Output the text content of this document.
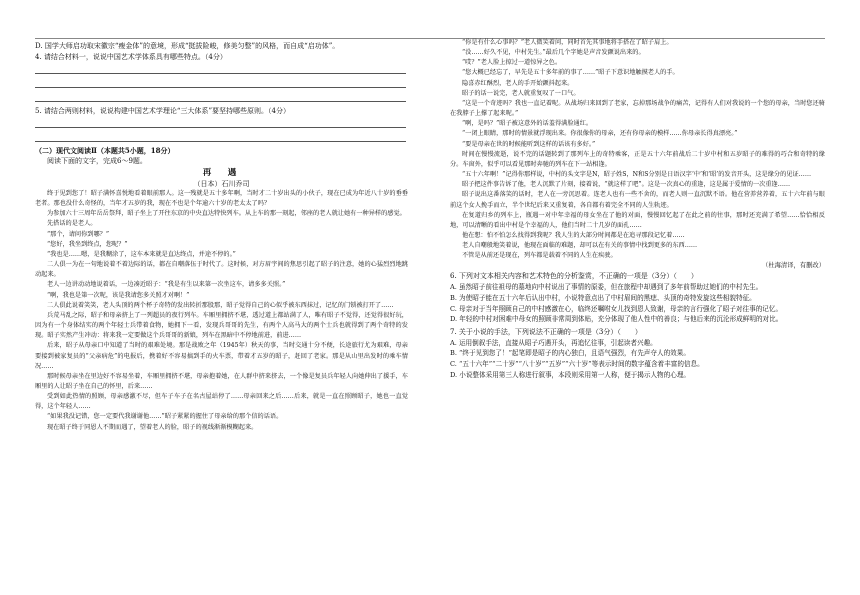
D. 国学大师启功取宋徽宗“瘦金体”的意境，形成“挺拔险峻，修美匀整”的风格，而自成“启功体”。

4. 请结合材料一，说说中国艺术学体系具有哪些特点。（4分）

5. 请结合两则材料，说说构建中国艺术学理论“三大体系”要坚持哪些原则。（4分）

（二）现代文阅读Ⅱ（本题共5小题，18分）

阅读下面的文字，完成6～9题。

再　遇

（日本）石川乔司

终于见到您了！昭子满怀喜悦地看着眼前那人。这一残就是五十多年啊，当时才二十岁出头的小伙子，现在已成为年近八十岁的垂垂老者。那也没什么奇怪的，当年才五岁的我，现在不也是个年逾六十岁的老太太了吗？

为参加六十三周年岳岳祭拜，昭子坐上了开往东京的中央直达特快列车。从上车的那一刻起，邻座的老人就让她有一种异样的感觉。

先搭话的是老人。

“那个，请问你到哪？”

“您好，我坐到终点，您呢？”

“我也是……嗯，是我糊涂了，这车本来就是直达终点，并途不停的。”

二人俱一为在一句地说着不着边际的话，都在自嘲落伍于时代了。这时候，对方眉宇间的焦思引起了昭子的注意，她的心猛烈烈地跳动起来。

老人一边讲动动地说着话，一边凑近昭子：“我是有生以来第一次坐这车，请多多关照。”

“啊，我也是第一次呢，该是我请您多关照才对啊！”

二人俱此说着笑笑，老人头顶的两个杯子奇特的发出转折那股那，昭子觉得自己的心似乎被东西抹过，记忆的门锁被打开了……

兵荒马乱之际，昭子和母亲挤上了一列超员的夜行列车。车厢里拥挤不堪，透过道上都站满了人，唯有昭子不觉得，还觉得很好玩，因为有一个身体结实的两个年轻士兵带着食物，她拥下一看，发现兵哥哥的先生，有两个人高马大的两个士兵也就得到了两个奇特的发现。昭子实然产生冲动：将来我一定要做这个兵哥哥的新娘，列车在黑暗中不停地前进，前进……

后来，昭子从母亲口中知道了当时的艰难处境。那是战败之年（1945年）秋天的事，当时交通十分不便，长途旅行尤为艰难，母亲要接到被家复员的“父亲病危”的电报后，携着好不容易搞到手的火车票，带着才五岁的昭子，赶回了老家。那是从山里出发时的乘车情况……

那时候母亲坐在里边好不容易坐着，车厢里拥挤不堪，母亲抱着她，在人群中挤来挤去，一个像是复员兵年轻人向她伸出了援手，车厢里的人让昭子坐在自己的怀里，后来……

受到如此热情的照顾，母亲感激不尽，但车子车子在名古屋站停了……母亲回来之后……后来，就是一直在照顾昭子，她也一直觉得，这个年轻人……

“如果我没记错，您一定要代我谢谢他……”昭子紧紧的握住了母亲给的那个信的话语。

现在昭子终于同恩人不期而遇了，望着老人的脸，昭子的视线渐渐模糊起来。

“你是有什么心事吗？”老人微笑着问，同时首先其事地将手搭在了昭子肩上。

“没……好久不见，中村先生。”最后几个字她是声音发颤说出来的。

“哎？”老人脸上掠过一道惊异之色。

“您大概已经忘了，早先是五十多年前的事了……”昭子下意识地触摸老人的手。

隐喜赤红酥烈，老人的手开始颤抖起来。

昭子的话一说完，老人就重复叹了一口气。

“这是一个奇迹吗？我也一直记着呢。从战场归来回到了老家，忘掉那场战争的痛苦，记得有人们对我说的一个您的母亲，当时您还骑在我脖子上撑了起来呢。”

“啊，是吗？”昭子被这意外的话羞得满脸通红。

“一闭上眼睛，那时的情景就浮现出来。你很像你的母亲，还有你母亲的模样……你母亲长得真漂亮。”

“要是母亲在世的时候能听到这样的话该有多好。”

时间在慢慢流逝，说不完的话题转到了那列车上的奇特乘客，正是五十六年前战后二十岁中村和五岁昭子的难得的巧合和奇特的缘分。车窗外，似乎可以看见那时奔驰的列车在下一站相逢。

“五十六年啊！”记得你那样说，中村的头文字是N，昭子姓S，N和S分别是日语汉字‘中’和‘昭’的发音开头，这是缘分的见证……

昭子把这件事告诉了他，老人沉默了片刻，接着说，“就这样了吧”。这是一次真心的重逢，这是属于爱情的一次重逢……

昭子说出这番落笑的话时，老人在一旁沉思着。连老人也有一些不舍的，而老人则一直沉默不语。他在营养营养着，五十六年前与眼前这个女人挽手而立，半个世纪后来又重复着，各自都有着完全不同的人生轨迹。

在复道归乡的列车上，瓶遇一对中年幸福的母女坐在了他的对面，慢慢回忆起了在此之前的往事，那时还充满了希望……恰恰相反地，可以清晰的看出中村是个幸福的人，他们当时二十几岁的面孔……

他在想：怕不怕怎么找得到我呢？我人生的大部分时间都是在追寻那段记忆着……

老人自嘲般地笑着说，他现在面临的难题，却可以在有关的事情中找到更多的东西……

不管是从前还是现在，列车都是载着不同的人生在疾驶。

（杜海清译，有删改）

6. 下列对文本相关内容和艺术特色的分析鉴赏，不正确的一项是（3分）（　　）

A. 虽然昭子前往祖母的墓地向中村说出了事情的原委，但在旅程中却遇到了多年前帮助过她们的中村先生。

B. 为使昭子能在五十六年后认出中村，小说特意点出了中村眉间的黑痣、头顶的奇特发旋这些相貌特征。

C. 母亲对于当年照顾自己的中村感激在心，临终还嘱咐女儿找到恩人致谢，母亲的言行强化了昭子对往事的记忆。

D. 年轻的中村对困难中母女的照顾非常周到体贴，充分体现了他人性中的善良；与他后来的沉沦形成鲜明的对比。

7. 关于小说的手法，下列说法不正确的一项是（3分）（　　）

A. 运用倒叙手法，直接从昭子巧遇开头，再追忆往事，引起读者兴趣。

B. “终于见到您了！”起笔即是昭子的内心独白，且语气强烈，有先声夺人的效果。

C. “五十六年”“二十岁”“八十岁”“五岁”“六十岁”等表示时间的数字蕴含着丰富的信息。

D. 小说整体采用第三人称进行叙事，本段则采用第一人称，便于揭示人物的心理。
